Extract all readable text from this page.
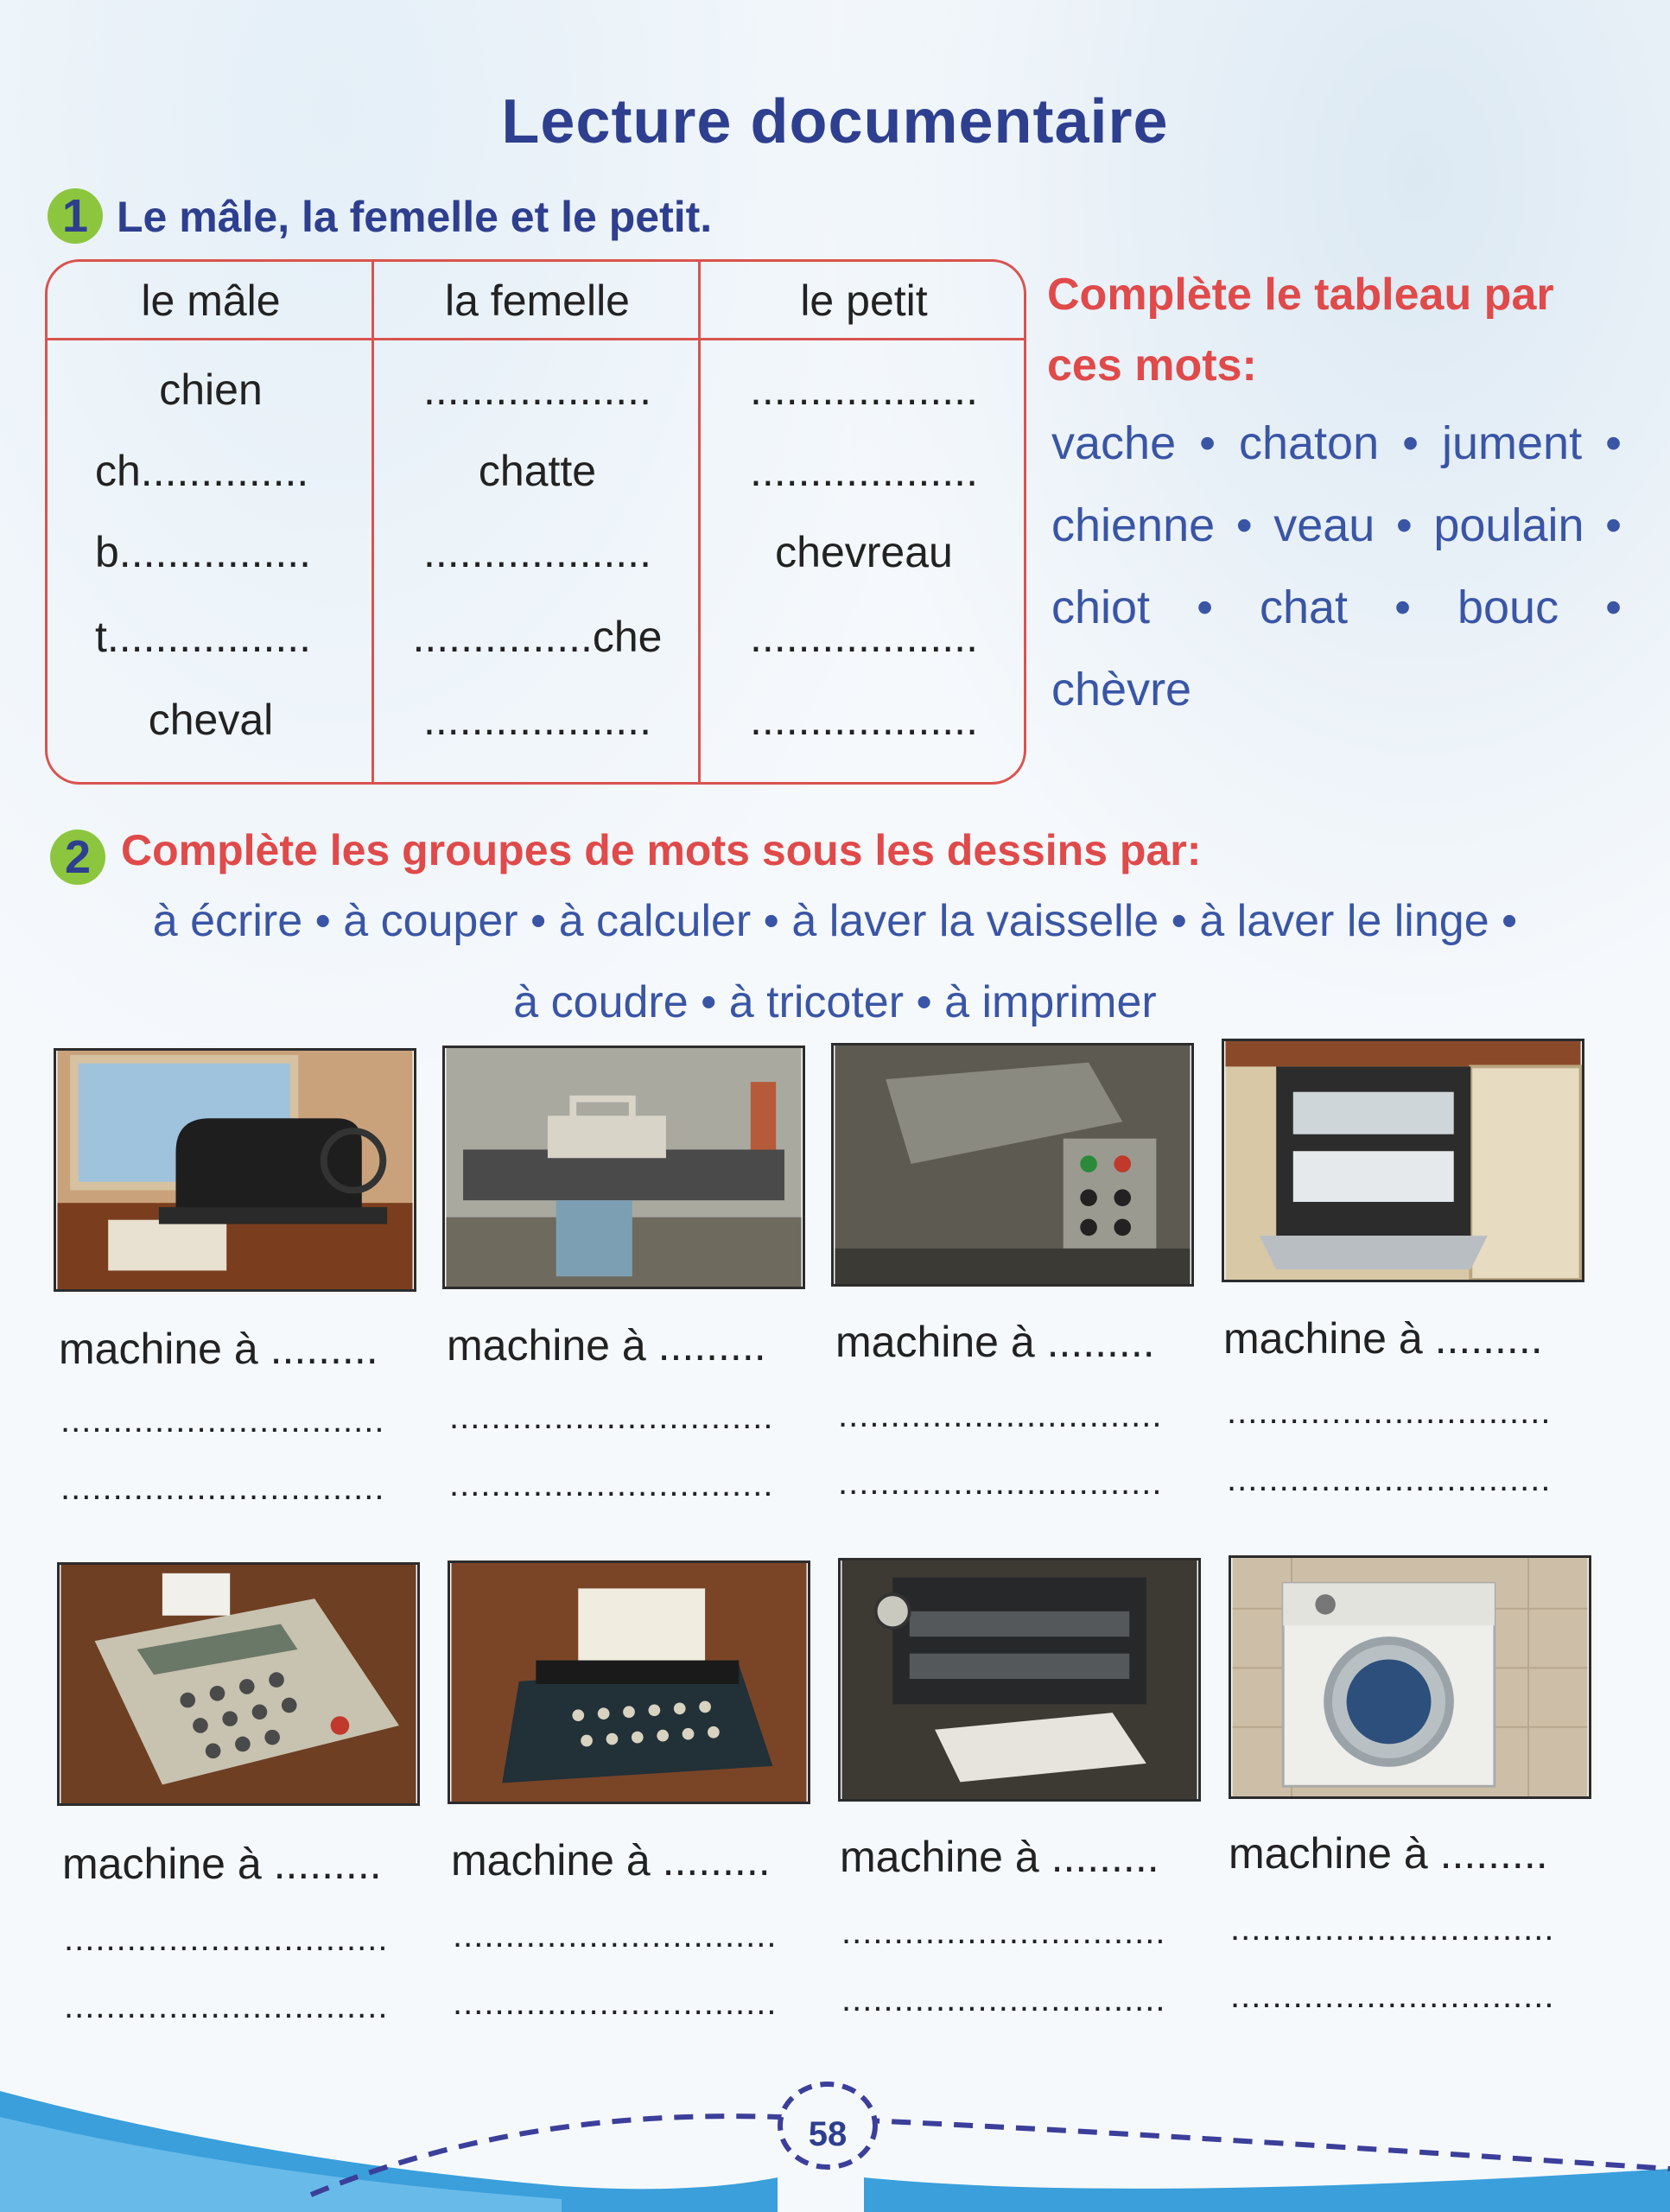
Lecture documentaire
1 Le mâle, la femelle et le petit.
le mâle	la femelle	le petit
chien	...................	...................
ch..............	chatte	...................
b................	...................	chevreau
t.................	...............che	...................
cheval	...................	...................
Complète le tableau par ces mots:
vache • chaton • jument •
chienne • veau • poulain •
chiot • chat • bouc •
chèvre
2 Complète les groupes de mots sous les dessins par:
à écrire • à couper • à calculer • à laver la vaisselle • à laver le linge •
à coudre • à tricoter • à imprimer
machine à .........	machine à .........	machine à .........	machine à .........
...............................	...............................	...............................	...............................
...............................	...............................	...............................	...............................
machine à .........	machine à .........	machine à .........	machine à .........
...............................	...............................	...............................	...............................
...............................	...............................	...............................	...............................
58
